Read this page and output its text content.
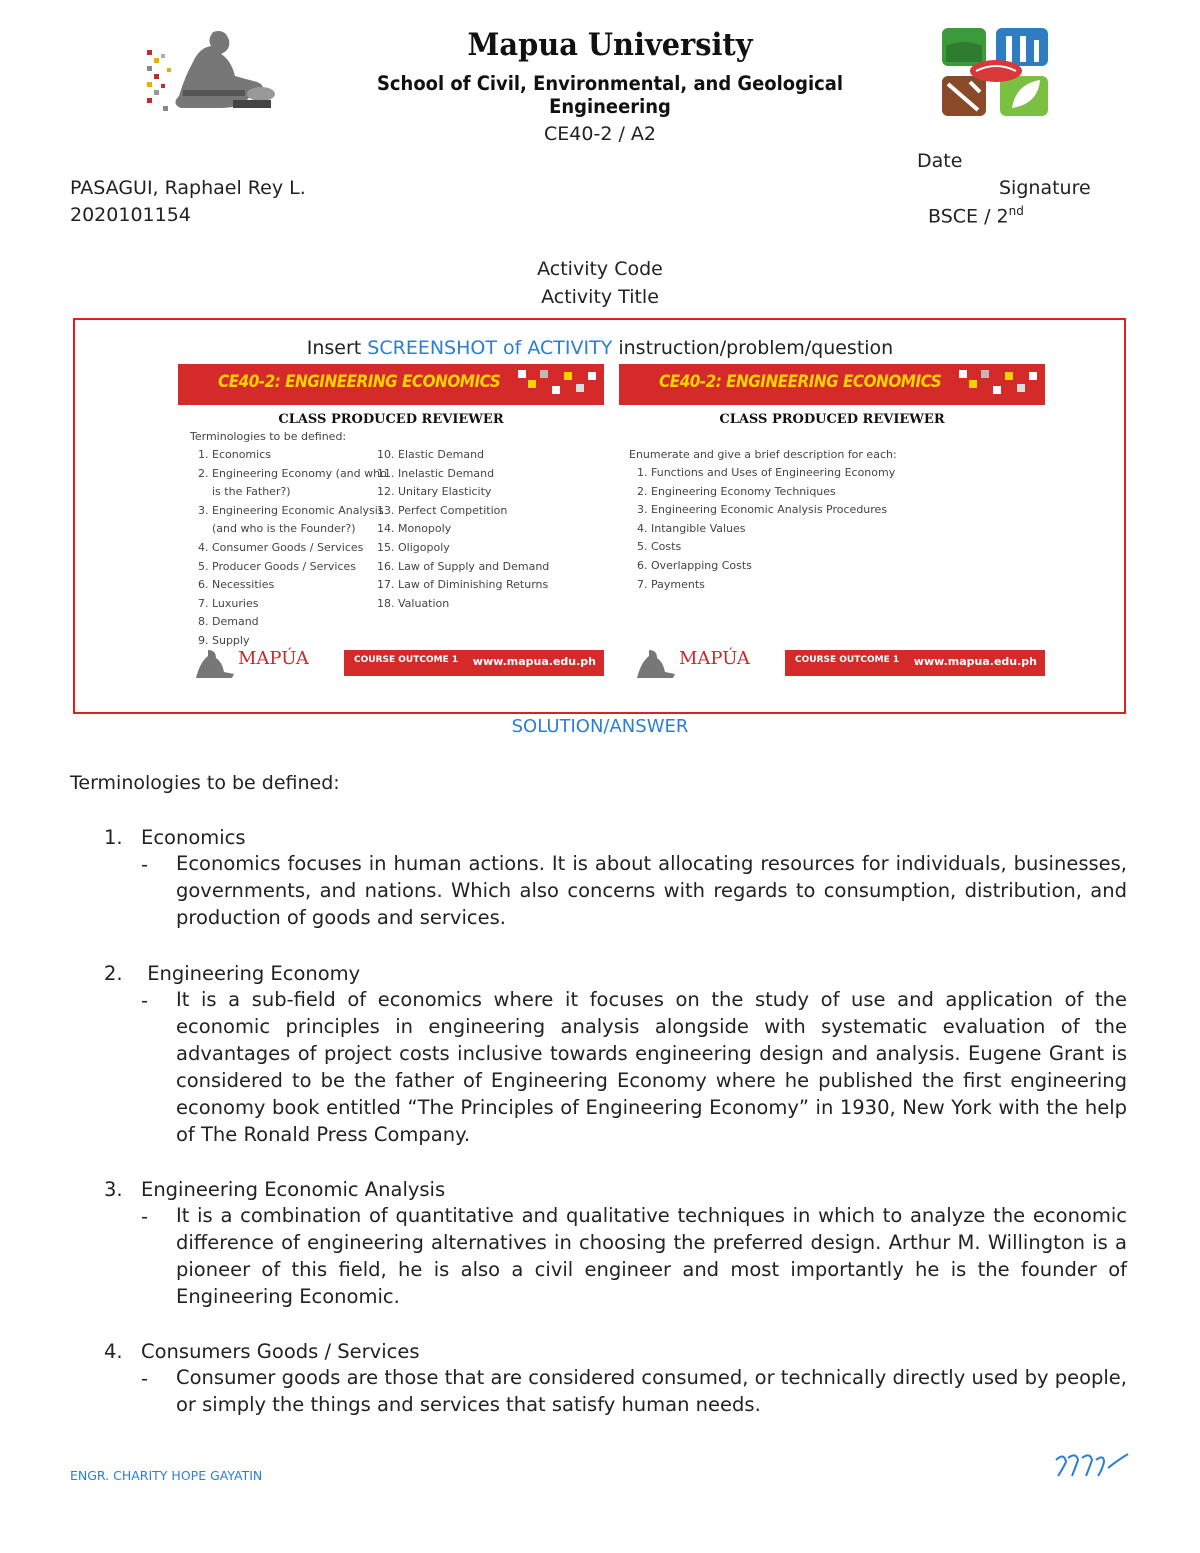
Mapua University
School of Civil, Environmental, and Geological Engineering
CE40-2 / A2
Date
PASAGUI, Raphael Rey L.	Signature
2020101154	BSCE / 2nd
Activity Code
Activity Title
Insert SCREENSHOT of ACTIVITY instruction/problem/question
CE40-2: ENGINEERING ECONOMICS
CLASS PRODUCED REVIEWER
Terminologies to be defined:
1. Economics
2. Engineering Economy (and who is the Father?)
3. Engineering Economic Analysis (and who is the Founder?)
4. Consumer Goods / Services
5. Producer Goods / Services
6. Necessities
7. Luxuries
8. Demand
9. Supply
10. Elastic Demand
11. Inelastic Demand
12. Unitary Elasticity
13. Perfect Competition
14. Monopoly
15. Oligopoly
16. Law of Supply and Demand
17. Law of Diminishing Returns
18. Valuation
MAPÚA	COURSE OUTCOME 1 www.mapua.edu.ph
CE40-2: ENGINEERING ECONOMICS
CLASS PRODUCED REVIEWER
Enumerate and give a brief description for each:
1. Functions and Uses of Engineering Economy
2. Engineering Economy Techniques
3. Engineering Economic Analysis Procedures
4. Intangible Values
5. Costs
6. Overlapping Costs
7. Payments
MAPÚA	COURSE OUTCOME 1 www.mapua.edu.ph
SOLUTION/ANSWER
Terminologies to be defined:
1. Economics
- Economics focuses in human actions. It is about allocating resources for individuals, businesses, governments, and nations. Which also concerns with regards to consumption, distribution, and production of goods and services.
2. Engineering Economy
- It is a sub-field of economics where it focuses on the study of use and application of the economic principles in engineering analysis alongside with systematic evaluation of the advantages of project costs inclusive towards engineering design and analysis. Eugene Grant is considered to be the father of Engineering Economy where he published the first engineering economy book entitled “The Principles of Engineering Economy” in 1930, New York with the help of The Ronald Press Company.
3. Engineering Economic Analysis
- It is a combination of quantitative and qualitative techniques in which to analyze the economic difference of engineering alternatives in choosing the preferred design. Arthur M. Willington is a pioneer of this field, he is also a civil engineer and most importantly he is the founder of Engineering Economic.
4. Consumers Goods / Services
- Consumer goods are those that are considered consumed, or technically directly used by people, or simply the things and services that satisfy human needs.
ENGR. CHARITY HOPE GAYATIN
